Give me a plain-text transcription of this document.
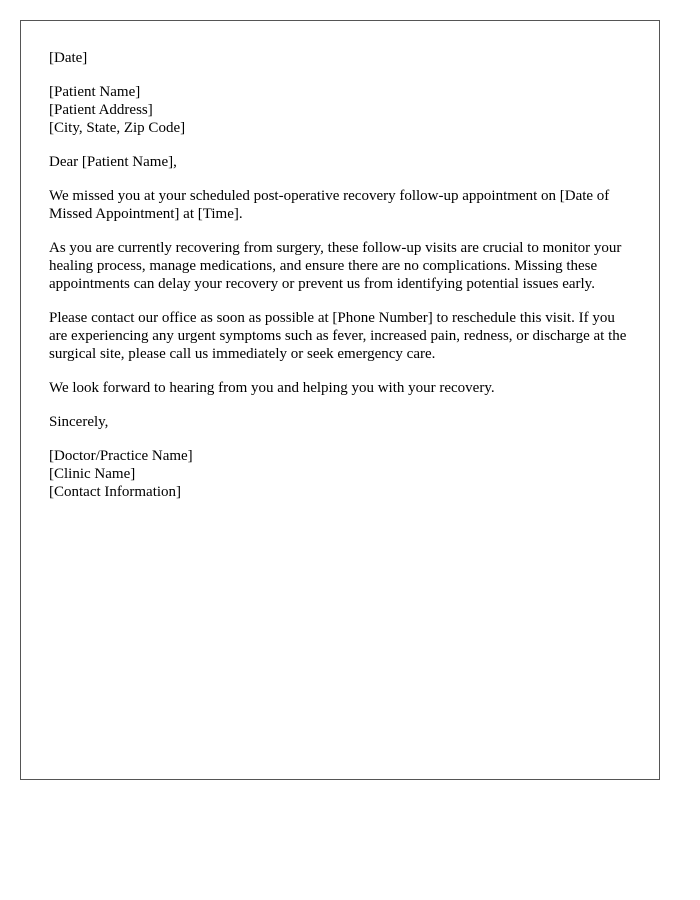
[Date]
[Patient Name]
[Patient Address]
[City, State, Zip Code]
Dear [Patient Name],

We missed you at your scheduled post-operative recovery follow-up appointment on [Date of Missed Appointment] at [Time].

As you are currently recovering from surgery, these follow-up visits are crucial to monitor your healing process, manage medications, and ensure there are no complications. Missing these appointments can delay your recovery or prevent us from identifying potential issues early.

Please contact our office as soon as possible at [Phone Number] to reschedule this visit. If you are experiencing any urgent symptoms such as fever, increased pain, redness, or discharge at the surgical site, please call us immediately or seek emergency care.

We look forward to hearing from you and helping you with your recovery.

Sincerely,
[Doctor/Practice Name]
[Clinic Name]
[Contact Information]
